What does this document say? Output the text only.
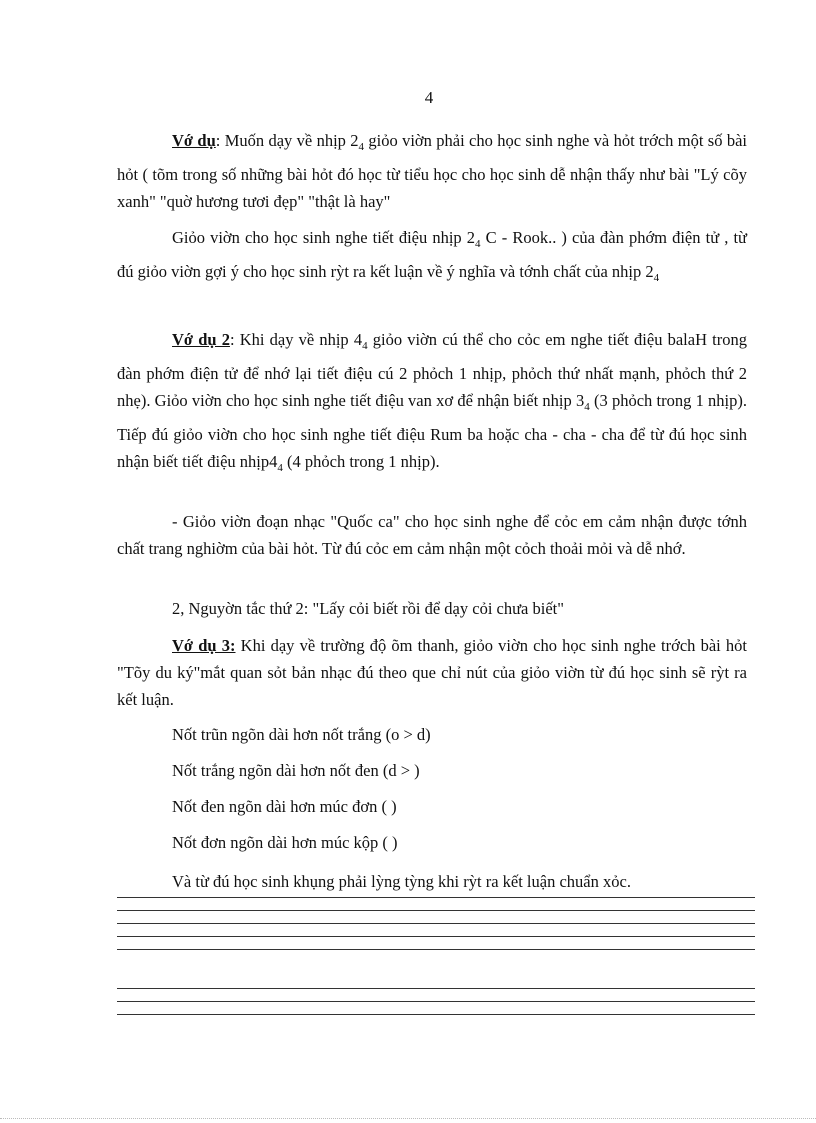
4
Vớ dụ: Muốn dạy về nhịp $2_4$ giỏo viờn phải cho học sinh nghe và hỏt trớch một số bài hỏt ( tõm trong số những bài hỏt đó học từ tiểu học cho học sinh dễ nhận thấy như bài "Lý cõy xanh" "quờ hương tươi đẹp" "thật là hay"
Giỏo viờn cho học sinh nghe tiết điệu nhịp $2_4$ C - Rook.. ) của đàn phớm điện tử , từ đú giỏo viờn gợi ý cho học sinh rỳt ra kết luận về ý nghĩa và tớnh chất của nhịp $2_4$
Vớ dụ 2: Khi dạy về nhịp $4_4$ giỏo viờn cú thể cho cỏc em nghe tiết điệu balaH trong đàn phớm điện tử để nhớ lại tiết điệu cú 2 phỏch 1 nhịp, phỏch thứ nhất mạnh, phỏch thứ 2 nhẹ). Giỏo viờn cho học sinh nghe tiết điệu van xơ để nhận biết nhịp $3_4$ (3 phỏch trong 1 nhịp). Tiếp đú giỏo viờn cho học sinh nghe tiết điệu Rum ba hoặc cha - cha - cha để từ đú học sinh nhận biết tiết điệu $nhịp4_4$ (4 phỏch trong 1 nhịp).
- Giỏo viờn đoạn nhạc "Quốc ca" cho học sinh nghe để cỏc em cảm nhận được tớnh chất trang nghiờm của bài hỏt. Từ đú cỏc em cảm nhận một cỏch thoải mỏi và dễ nhớ.
2, Nguyờn tắc thứ 2: "Lấy cỏi biết rồi để dạy cỏi chưa biết"
Vớ dụ 3: Khi dạy về trường độ õm thanh, giỏo viờn cho học sinh nghe trớch bài hỏt "Tõy du ký"mắt quan sỏt bản nhạc đú theo que chỉ nút của giỏo viờn từ đú học sinh sẽ rỳt ra kết luận.
Nốt trũn ngõn dài hơn nốt trắng (o > d)
Nốt trắng ngõn dài hơn nốt đen (d > )
Nốt đen ngõn dài hơn múc đơn ( )
Nốt đơn ngõn dài hơn múc kộp ( )
Và từ đú học sinh khụng phải lỳng tỳng khi rỳt ra kết luận chuẩn xỏc.
